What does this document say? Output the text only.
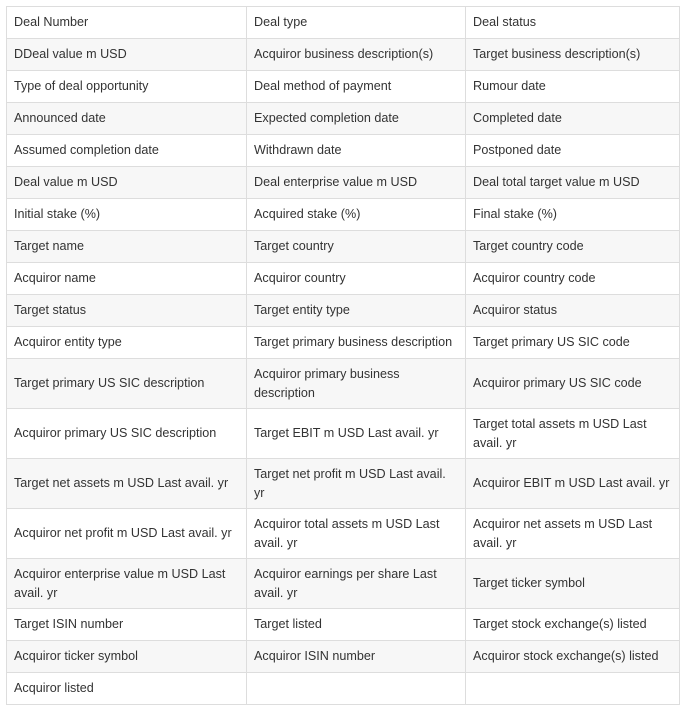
Deal Number	Deal type	Deal status
DDeal value m USD	Acquiror business description(s)	Target business description(s)
Type of deal opportunity	Deal method of payment	Rumour date
Announced date	Expected completion date	Completed date
Assumed completion date	Withdrawn date	Postponed date
Deal value m USD	Deal enterprise value m USD	Deal total target value m USD
Initial stake (%)	Acquired stake (%)	Final stake (%)
Target name	Target country	Target country code
Acquiror name	Acquiror country	Acquiror country code
Target status	Target entity type	Acquiror status
Acquiror entity type	Target primary business description	Target primary US SIC code
Target primary US SIC description	Acquiror primary business description	Acquiror primary US SIC code
Acquiror primary US SIC description	Target EBIT m USD Last avail. yr	Target total assets m USD Last avail. yr
Target net assets m USD Last avail. yr	Target net profit m USD Last avail. yr	Acquiror EBIT m USD Last avail. yr
Acquiror net profit m USD Last avail. yr	Acquiror total assets m USD Last avail. yr	Acquiror net assets m USD Last avail. yr
Acquiror enterprise value m USD Last avail. yr	Acquiror earnings per share Last avail. yr	Target ticker symbol
Target ISIN number	Target listed	Target stock exchange(s) listed
Acquiror ticker symbol	Acquiror ISIN number	Acquiror stock exchange(s) listed
Acquiror listed		
